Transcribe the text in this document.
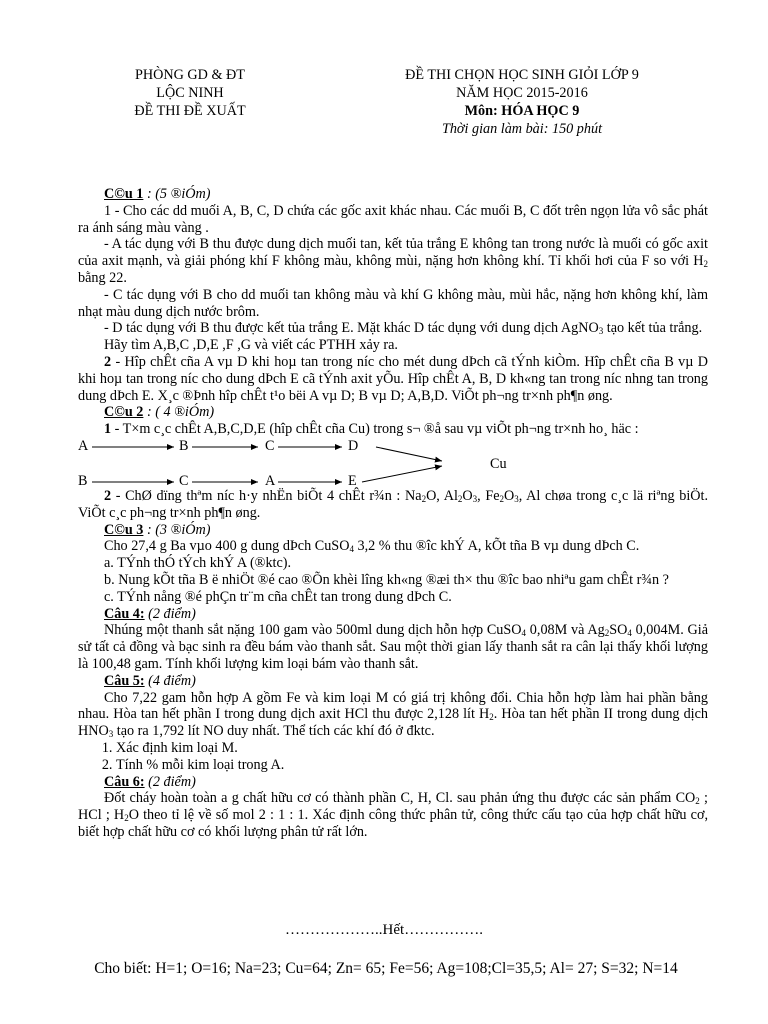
PHÒNG GD & ĐT
LỘC NINH
ĐỀ THI ĐỀ XUẤT
ĐỀ THI CHỌN HỌC SINH GIỎI LỚP 9
NĂM HỌC 2015-2016
Môn: HÓA HỌC 9
Thời gian làm bài: 150 phút

C©u 1 : (5 ®iÓm)

1 - Cho các dd muối A, B, C, D chứa các gốc axit khác nhau. Các muối B, C đốt trên ngọn lửa vô sắc phát ra ánh sáng màu vàng .

- A tác dụng với B thu được dung dịch muối tan, kết tủa trắng E không tan trong nước là muối có gốc axit của axit mạnh, và giải phóng khí F không màu, không mùi, nặng hơn không khí. Tỉ khối hơi của F so với $H_2$ bằng 22.

- C tác dụng với B cho dd muối tan không màu và khí G không màu, mùi hắc, nặng hơn không khí, làm nhạt màu dung dịch nước brôm.

- D tác dụng với B thu được kết tủa trắng E. Mặt khác D tác dụng với dung dịch AgNO$_3$ tạo kết tủa trắng.

Hãy tìm A,B,C ,D,E ,F ,G và viết các PTHH xảy ra.

2 - Hîp chÊt cña A vµ D khi hoµ tan trong níc cho mét dung dÞch cã tÝnh kiÒm. Hîp chÊt cña B vµ D khi hoµ tan trong níc cho dung dÞch E cã tÝnh axit yÕu. Hîp chÊt A, B, D kh«ng tan trong níc nhng tan trong dung dÞch E. X¸c ®Þnh hîp chÊt t¹o bëi A vµ D; B vµ D; A,B,D. ViÕt ph¬ng tr×nh ph¶n øng.

C©u 2 : ( 4 ®iÓm)

1 - T×m c¸c chÊt A,B,C,D,E (hîp chÊt cña Cu) trong s¬ ®å sau vµ viÕt ph¬ng tr×nh ho¸ häc :

A	B	C	D
Cu
B	C	A	E

2 - ChØ dïng thªm níc h·y nhËn biÕt 4 chÊt r¾n : $Na_2O$, $Al_2O_3$, $Fe_2O_3$, Al chøa trong c¸c lä riªng biÖt. ViÕt c¸c ph¬ng tr×nh ph¶n øng.

C©u 3 : (3 ®iÓm)

Cho 27,4 g Ba vµo 400 g dung dÞch CuSO$_4$ 3,2 % thu ®îc khÝ A, kÕt tña B vµ dung dÞch C.

a. TÝnh thÓ tÝch khÝ A (®ktc).

b. Nung kÕt tña B ë nhiÖt ®é cao ®Õn khèi lîng kh«ng ®æi th× thu ®îc bao nhiªu gam chÊt r¾n ?

c. TÝnh nång ®é phÇn tr¨m cña chÊt tan trong dung dÞch C.

Câu 4: (2 điểm)

Nhúng một thanh sắt nặng 100 gam vào 500ml dung dịch hỗn hợp CuSO$_4$ 0,08M và $Ag_2SO_4$ 0,004M. Giả sử tất cả đồng và bạc sinh ra đều bám vào thanh sắt. Sau một thời gian lấy thanh sắt ra cân lại thấy khối lượng là 100,48 gam. Tính khối lượng kim loại bám vào thanh sắt.

Câu 5: (4 điểm)

Cho 7,22 gam hỗn hợp A gồm Fe và kim loại M có giá trị không đổi. Chia hỗn hợp làm hai phần bằng nhau. Hòa tan hết phần I trong dung dịch axit HCl thu được 2,128 lít $H_2$. Hòa tan hết phần II trong dung dịch $HNO_3$ tạo ra 1,792 lít NO duy nhất. Thể tích các khí đó ở đktc.

1. Xác định kim loại M.
2. Tính % mỗi kim loại trong A.

Câu 6: (2 điểm)

Đốt cháy hoàn toàn a g chất hữu cơ có thành phần C, H, Cl. sau phản ứng thu được các sản phẩm $CO_2$ ; HCl ; $H_2O$ theo tỉ lệ về số mol 2 : 1 : 1. Xác định công thức phân tử, công thức cấu tạo của hợp chất hữu cơ, biết hợp chất hữu cơ có khối lượng phân tử rất lớn.

………………..Hết…………….
Cho biết: H=1; O=16; Na=23; Cu=64; Zn= 65; Fe=56; Ag=108;Cl=35,5; Al= 27; S=32; N=14
